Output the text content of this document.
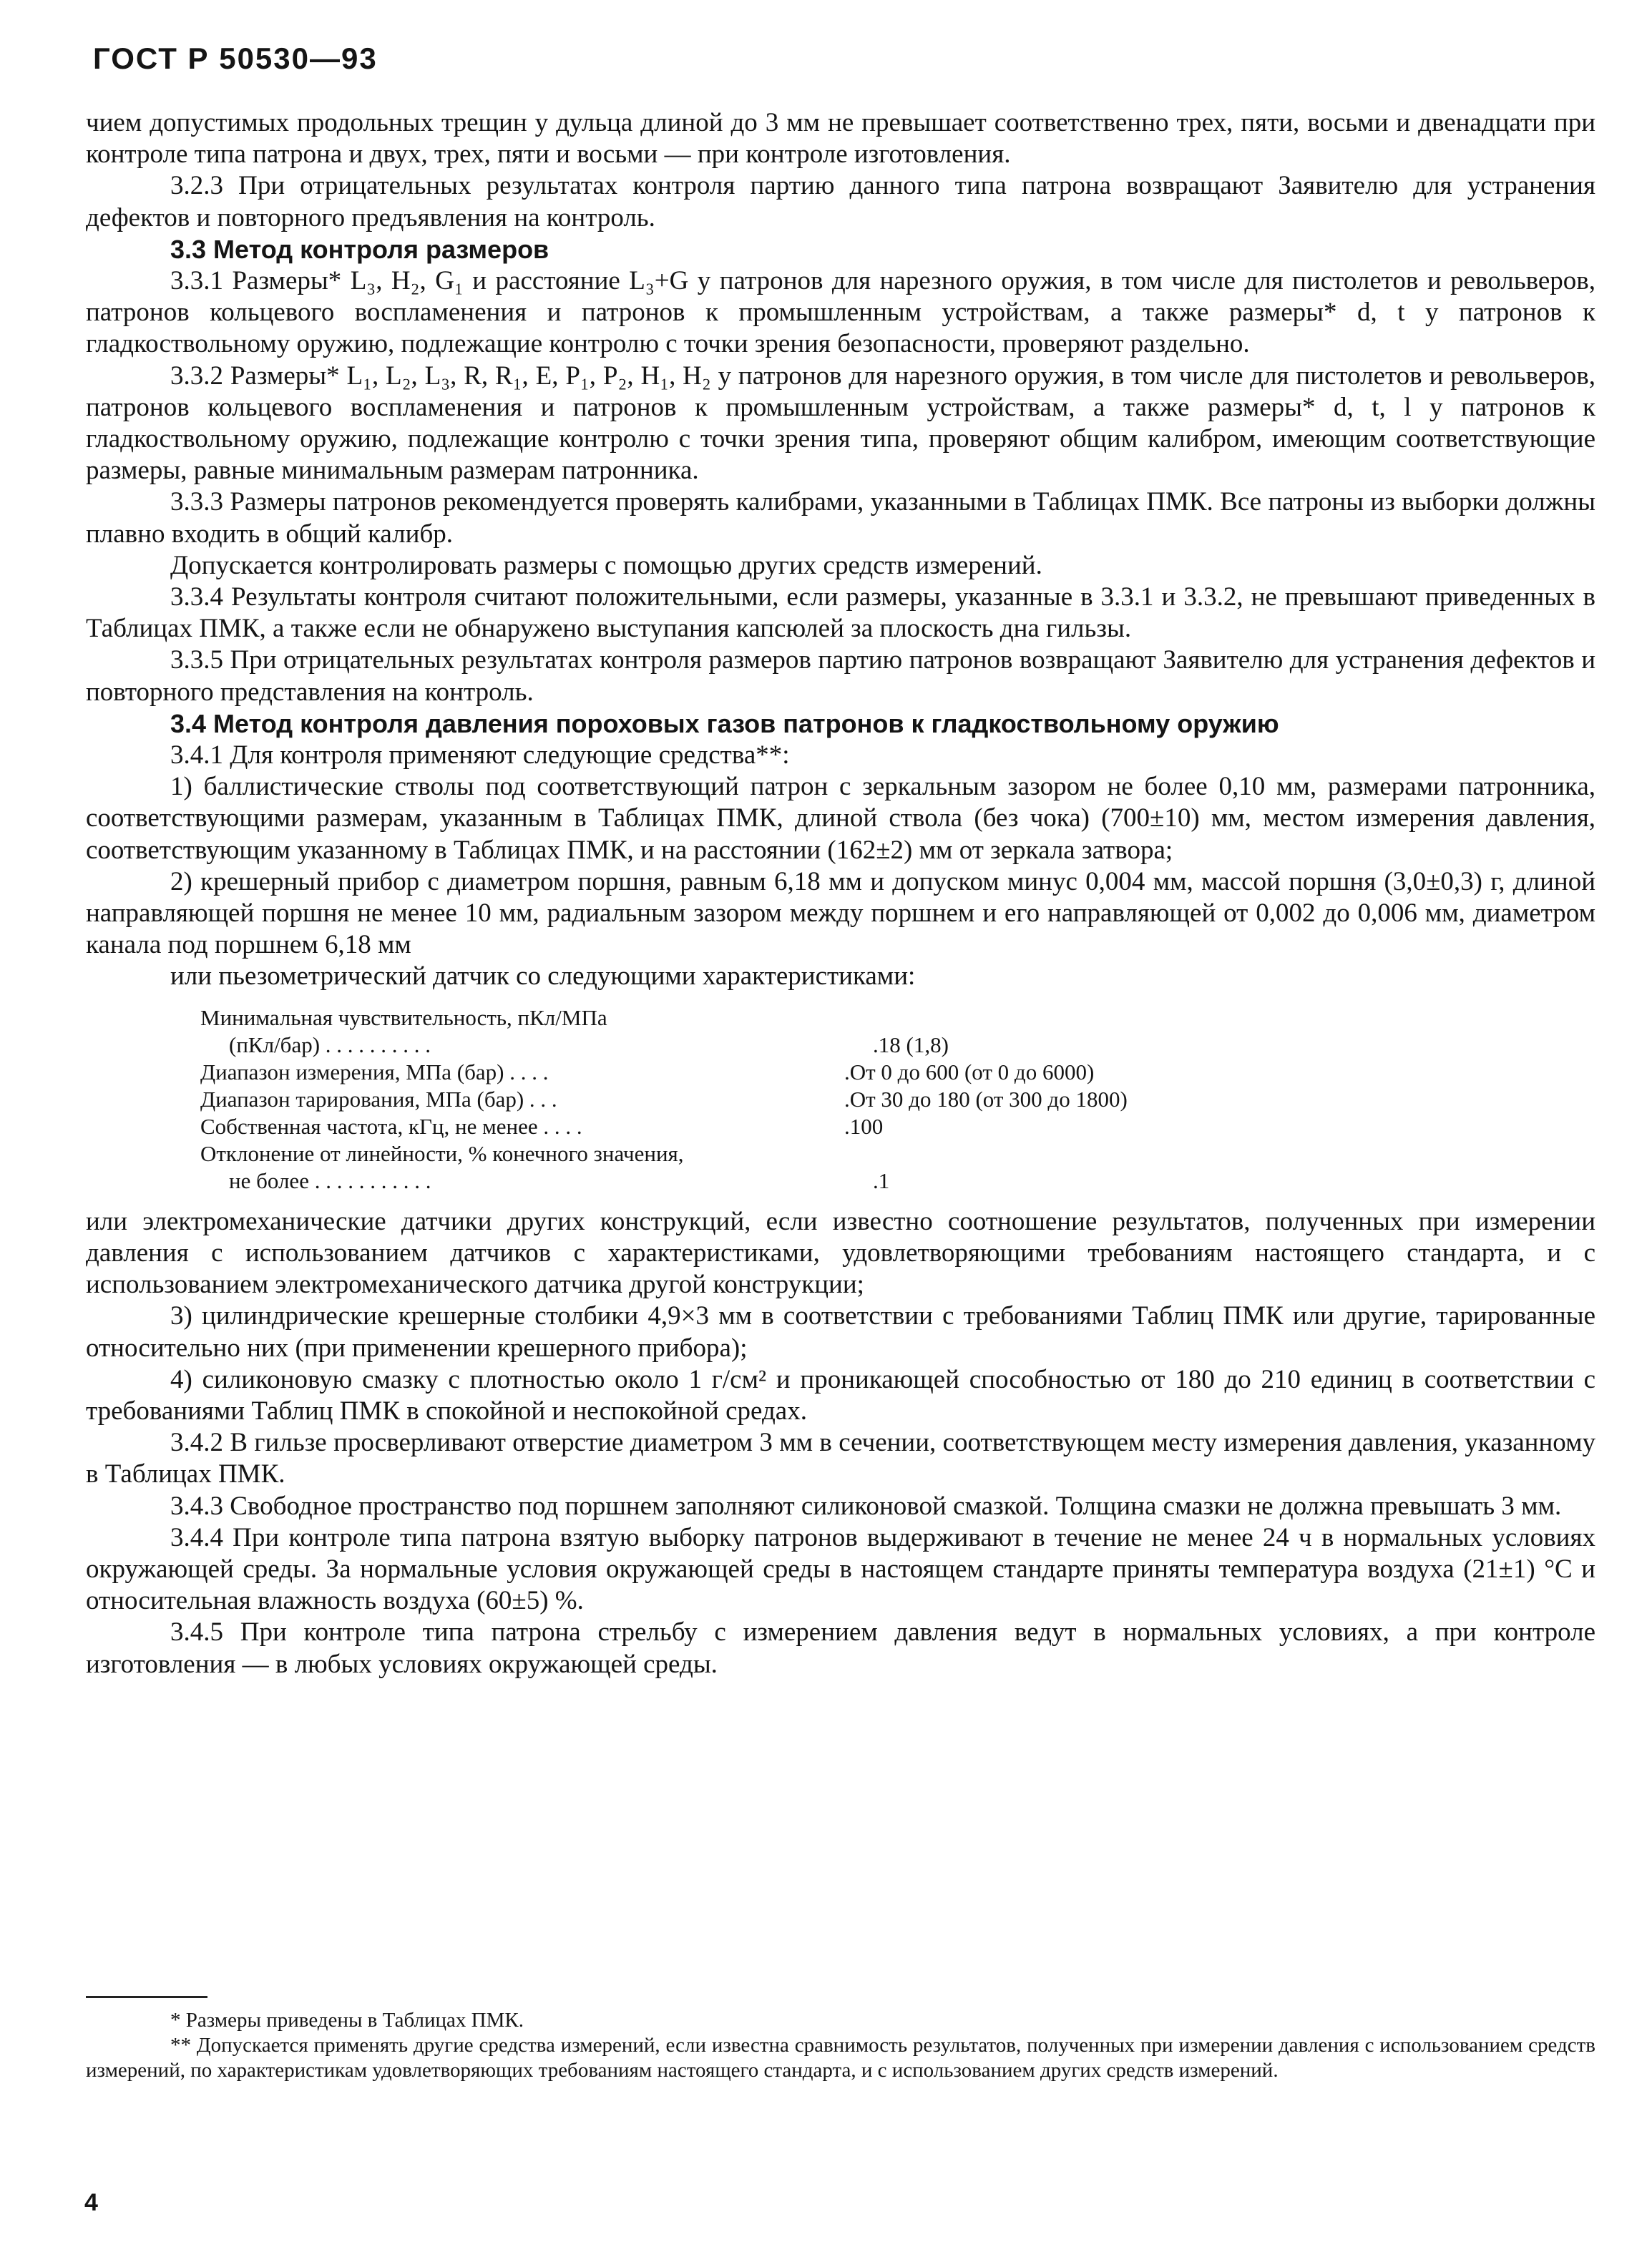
ГОСТ Р 50530—93

чием допустимых продольных трещин у дульца длиной до 3 мм не превышает соответственно трех, пяти, восьми и двенадцати при контроле типа патрона и двух, трех, пяти и восьми — при контроле изготовления.

3.2.3 При отрицательных результатах контроля партию данного типа патрона возвращают Заявителю для устранения дефектов и повторного предъявления на контроль.

3.3 Метод контроля размеров

3.3.1 Размеры* L₃, H₂, G₁ и расстояние L₃+G у патронов для нарезного оружия, в том числе для пистолетов и револьверов, патронов кольцевого воспламенения и патронов к промышленным устройствам, а также размеры* d, t у патронов к гладкоствольному оружию, подлежащие контролю с точки зрения безопасности, проверяют раздельно.

3.3.2 Размеры* L₁, L₂, L₃, R, R₁, E, P₁, P₂, H₁, H₂ у патронов для нарезного оружия, в том числе для пистолетов и револьверов, патронов кольцевого воспламенения и патронов к промышленным устройствам, а также размеры* d, t, l у патронов к гладкоствольному оружию, подлежащие контролю с точки зрения типа, проверяют общим калибром, имеющим соответствующие размеры, равные минимальным размерам патронника.

3.3.3 Размеры патронов рекомендуется проверять калибрами, указанными в Таблицах ПМК. Все патроны из выборки должны плавно входить в общий калибр.

Допускается контролировать размеры с помощью других средств измерений.

3.3.4 Результаты контроля считают положительными, если размеры, указанные в 3.3.1 и 3.3.2, не превышают приведенных в Таблицах ПМК, а также если не обнаружено выступания капсюлей за плоскость дна гильзы.

3.3.5 При отрицательных результатах контроля размеров партию патронов возвращают Заявителю для устранения дефектов и повторного представления на контроль.

3.4 Метод контроля давления пороховых газов патронов к гладкоствольному оружию

3.4.1 Для контроля применяют следующие средства**:

1) баллистические стволы под соответствующий патрон с зеркальным зазором не более 0,10 мм, размерами патронника, соответствующими размерам, указанным в Таблицах ПМК, длиной ствола (без чока) (700±10) мм, местом измерения давления, соответствующим указанному в Таблицах ПМК, и на расстоянии (162±2) мм от зеркала затвора;

2) крешерный прибор с диаметром поршня, равным 6,18 мм и допуском минус 0,004 мм, массой поршня (3,0±0,3) г, длиной направляющей поршня не менее 10 мм, радиальным зазором между поршнем и его направляющей от 0,002 до 0,006 мм, диаметром канала под поршнем 6,18 мм

или пьезометрический датчик со следующими характеристиками:

Минимальная чувствительность, пКл/МПа
(пКл/бар) . . . . . . . . . .	.18 (1,8)
Диапазон измерения, МПа (бар) . . . .	.От 0 до 600 (от 0 до 6000)
Диапазон тарирования, МПа (бар) . . .	.От 30 до 180 (от 300 до 1800)
Собственная частота, кГц, не менее . . . .	.100
Отклонение от линейности, % конечного значения,
не более . . . . . . . . . . .	.1

или электромеханические датчики других конструкций, если известно соотношение результатов, полученных при измерении давления с использованием датчиков с характеристиками, удовлетворяющими требованиям настоящего стандарта, и с использованием электромеханического датчика другой конструкции;

3) цилиндрические крешерные столбики 4,9×3 мм в соответствии с требованиями Таблиц ПМК или другие, тарированные относительно них (при применении крешерного прибора);

4) силиконовую смазку с плотностью около 1 г/см² и проникающей способностью от 180 до 210 единиц в соответствии с требованиями Таблиц ПМК в спокойной и неспокойной средах.

3.4.2 В гильзе просверливают отверстие диаметром 3 мм в сечении, соответствующем месту измерения давления, указанному в Таблицах ПМК.

3.4.3 Свободное пространство под поршнем заполняют силиконовой смазкой. Толщина смазки не должна превышать 3 мм.

3.4.4 При контроле типа патрона взятую выборку патронов выдерживают в течение не менее 24 ч в нормальных условиях окружающей среды. За нормальные условия окружающей среды в настоящем стандарте приняты температура воздуха (21±1) °С и относительная влажность воздуха (60±5) %.

3.4.5 При контроле типа патрона стрельбу с измерением давления ведут в нормальных условиях, а при контроле изготовления — в любых условиях окружающей среды.

* Размеры приведены в Таблицах ПМК.

** Допускается применять другие средства измерений, если известна сравнимость результатов, полученных при измерении давления с использованием средств измерений, по характеристикам удовлетворяющих требованиям настоящего стандарта, и с использованием других средств измерений.

4
